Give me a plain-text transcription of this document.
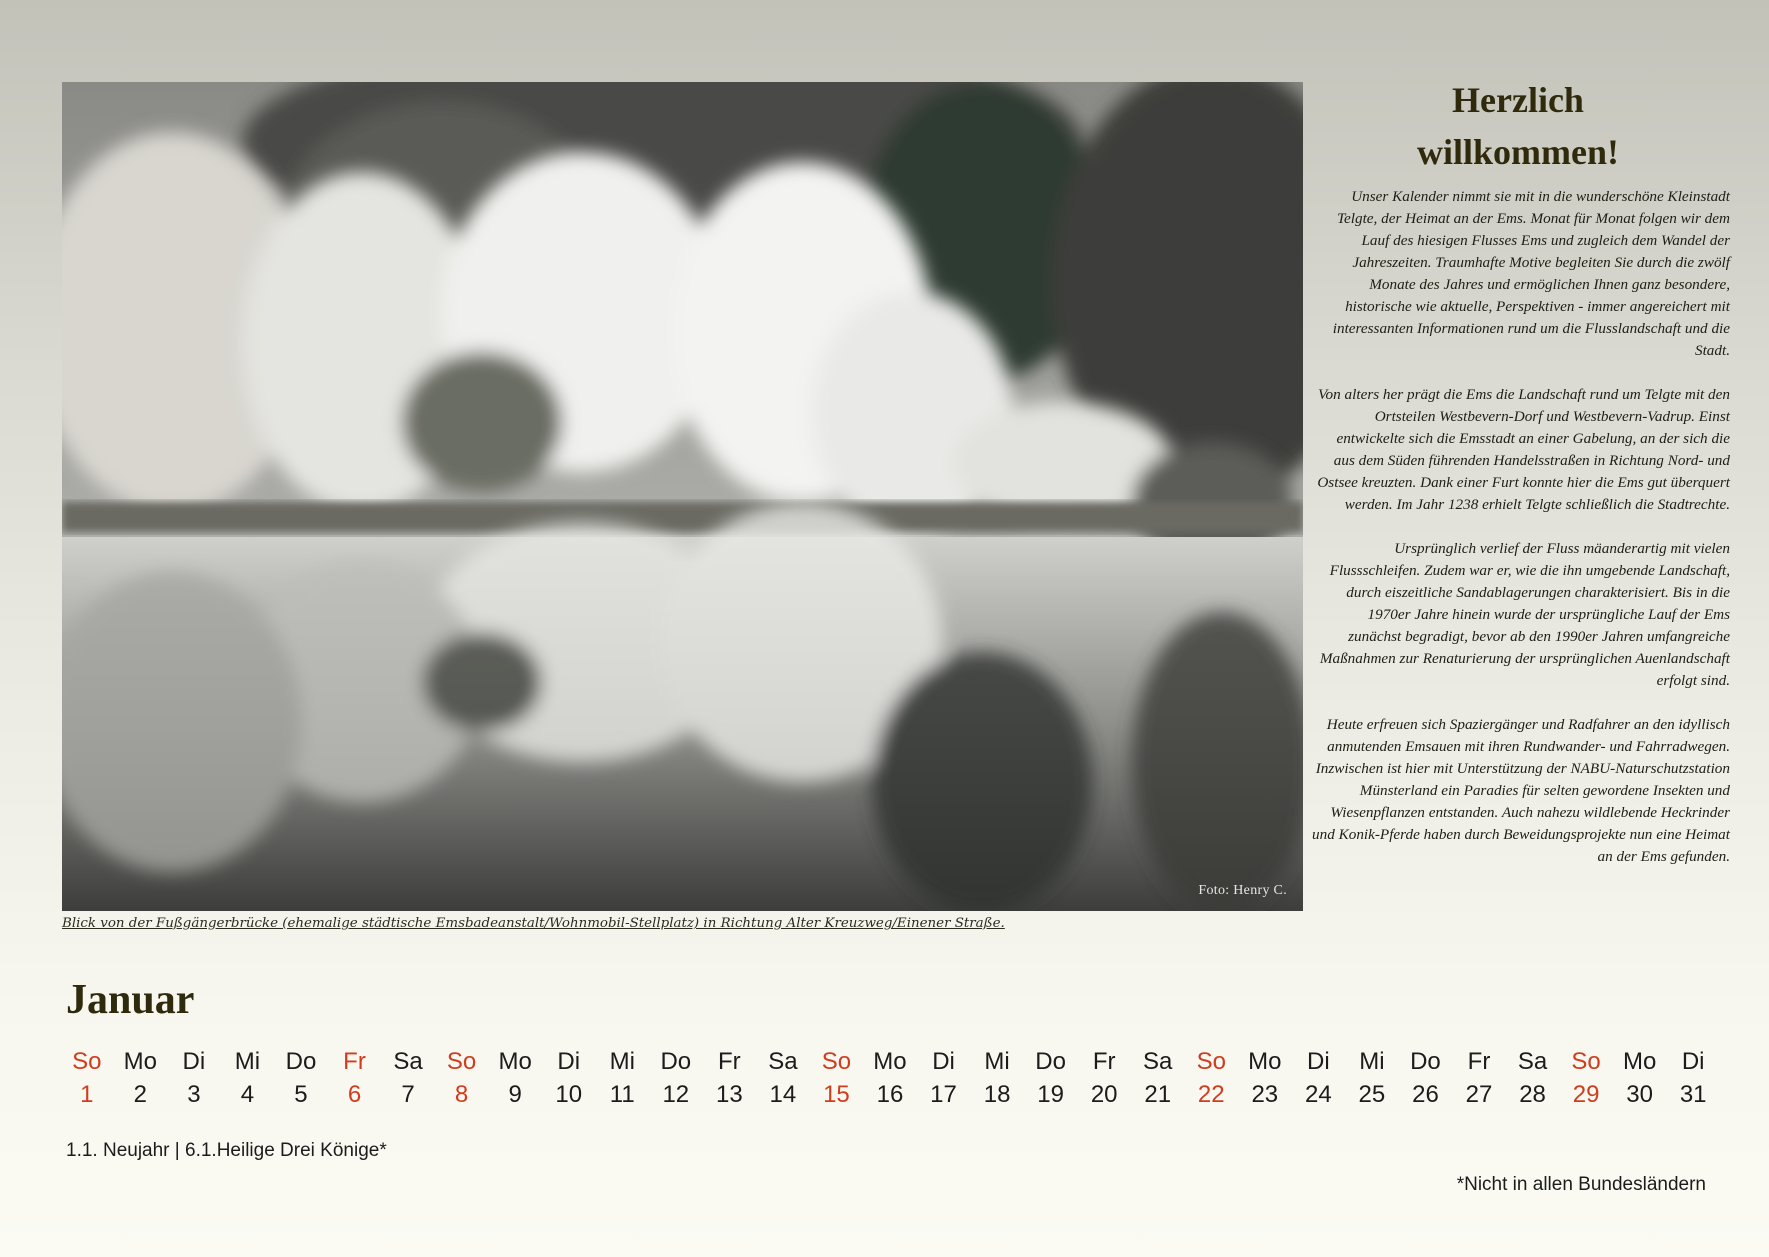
Foto: Henry C.
Blick von der Fußgängerbrücke (ehemalige städtische Emsbadeanstalt/Wohnmobil-Stellplatz) in Richtung Alter Kreuzweg/Einener Straße.
Herzlich
willkommen!

Unser Kalender nimmt sie mit in die wunderschöne Kleinstadt Telgte, der Heimat an der Ems. Monat für Monat folgen wir dem Lauf des hiesigen Flusses Ems und zugleich dem Wandel der Jahreszeiten. Traumhafte Motive begleiten Sie durch die zwölf Monate des Jahres und ermöglichen Ihnen ganz besondere, historische wie aktuelle, Perspektiven - immer angereichert mit interessanten Informationen rund um die Flusslandschaft und die Stadt.

Von alters her prägt die Ems die Landschaft rund um Telgte mit den Ortsteilen Westbevern-Dorf und Westbevern-Vadrup. Einst entwickelte sich die Emsstadt an einer Gabelung, an der sich die aus dem Süden führenden Handelsstraßen in Richtung Nord- und Ostsee kreuzten. Dank einer Furt konnte hier die Ems gut überquert werden. Im Jahr 1238 erhielt Telgte schließlich die Stadtrechte.

Ursprünglich verlief der Fluss mäanderartig mit vielen Flussschleifen. Zudem war er, wie die ihn umgebende Landschaft, durch eiszeitliche Sandablagerungen charakterisiert. Bis in die 1970er Jahre hinein wurde der ursprüngliche Lauf der Ems zunächst begradigt, bevor ab den 1990er Jahren umfangreiche Maßnahmen zur Renaturierung der ursprünglichen Auenlandschaft erfolgt sind.

Heute erfreuen sich Spaziergänger und Radfahrer an den idyllisch anmutenden Emsauen mit ihren Rundwander- und Fahrradwegen. Inzwischen ist hier mit Unterstützung der NABU-Naturschutzstation Münsterland ein Paradies für selten gewordene Insekten und Wiesenpflanzen entstanden. Auch nahezu wildlebende Heckrinder und Konik-Pferde haben durch Beweidungsprojekte nun eine Heimat an der Ems gefunden.

Januar
So Mo	Di	Mi	Do	Fr	Sa	So Mo	Di	Mi	Do	Fr	Sa	So Mo	Di	Mi	Do	Fr	Sa	So Mo	Di	Mi	Do	Fr	Sa	So Mo	Di
1	2	3	4	5	6	7	8	9	10	11	12	13	14	15	16	17	18	19	20	21	22	23	24	25	26	27	28	29	30	31
1.1. Neujahr | 6.1.Heilige Drei Könige*
*Nicht in allen Bundesländern
